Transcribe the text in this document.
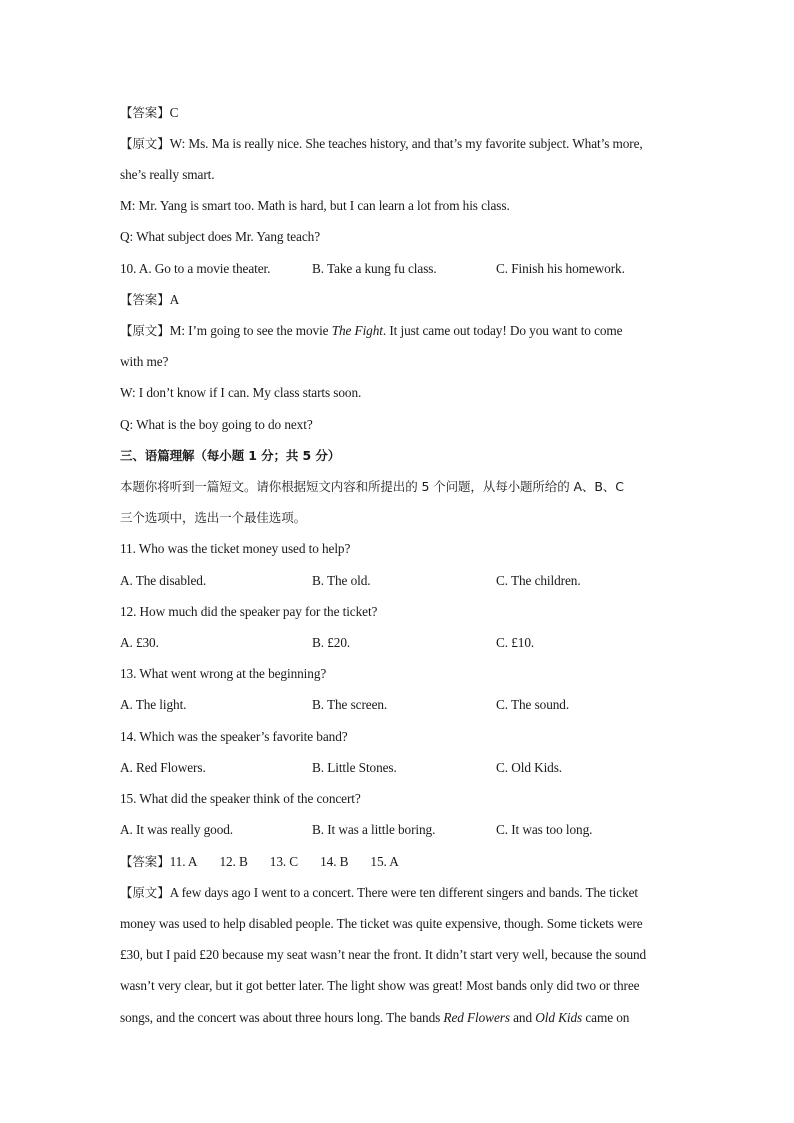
【答案】C
【原文】W: Ms. Ma is really nice. She teaches history, and that’s my favorite subject. What’s more,
she’s really smart.
M: Mr. Yang is smart too. Math is hard, but I can learn a lot from his class.
Q: What subject does Mr. Yang teach?
10. A. Go to a movie theater.	B. Take a kung fu class.	C. Finish his homework.
【答案】A
【原文】M: I’m going to see the movie The Fight. It just came out today! Do you want to come
with me?
W: I don’t know if I can. My class starts soon.
Q: What is the boy going to do next?
三、语篇理解（每小题 1 分；共 5 分）
本题你将听到一篇短文。请你根据短文内容和所提出的 5 个问题，从每小题所给的 A、B、C
三个选项中，选出一个最佳选项。
11. Who was the ticket money used to help?
A. The disabled.	B. The old.	C. The children.
12. How much did the speaker pay for the ticket?
A. £30.	B. £20.	C. £10.
13. What went wrong at the beginning?
A. The light.	B. The screen.	C. The sound.
14. Which was the speaker’s favorite band?
A. Red Flowers.	B. Little Stones.	C. Old Kids.
15. What did the speaker think of the concert?
A. It was really good.	B. It was a little boring.	C. It was too long.
【答案】11. A 12. B 13. C 14. B 15. A
【原文】A few days ago I went to a concert. There were ten different singers and bands. The ticket
money was used to help disabled people. The ticket was quite expensive, though. Some tickets were
£30, but I paid £20 because my seat wasn’t near the front. It didn’t start very well, because the sound
wasn’t very clear, but it got better later. The light show was great! Most bands only did two or three
songs, and the concert was about three hours long. The bands Red Flowers and Old Kids came on
